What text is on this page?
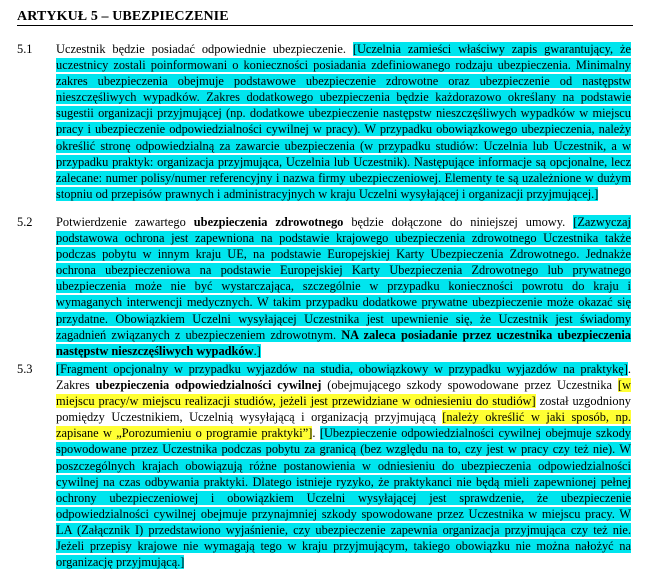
ARTYKUŁ 5 – UBEZPIECZENIE
5.1 Uczestnik będzie posiadać odpowiednie ubezpieczenie. [Uczelnia zamieści właściwy zapis gwarantujący, że uczestnicy zostali poinformowani o konieczności posiadania zdefiniowanego rodzaju ubezpieczenia. Minimalny zakres ubezpieczenia obejmuje podstawowe ubezpieczenie zdrowotne oraz ubezpieczenie od następstw nieszczęśliwych wypadków. Zakres dodatkowego ubezpieczenia będzie każdorazowo określany na podstawie sugestii organizacji przyjmującej (np. dodatkowe ubezpieczenie następstw nieszczęśliwych wypadków w miejscu pracy i ubezpieczenie odpowiedzialności cywilnej w pracy). W przypadku obowiązkowego ubezpieczenia, należy określić stronę odpowiedzialną za zawarcie ubezpieczenia (w przypadku studiów: Uczelnia lub Uczestnik, a w przypadku praktyk: organizacja przyjmująca, Uczelnia lub Uczestnik). Następujące informacje są opcjonalne, lecz zalecane: numer polisy/numer referencyjny i nazwa firmy ubezpieczeniowej. Elementy te są uzależnione w dużym stopniu od przepisów prawnych i administracyjnych w kraju Uczelni wysyłającej i organizacji przyjmującej.]
5.2 Potwierdzenie zawartego ubezpieczenia zdrowotnego będzie dołączone do niniejszej umowy. [Zazwyczaj podstawowa ochrona jest zapewniona na podstawie krajowego ubezpieczenia zdrowotnego Uczestnika także podczas pobytu w innym kraju UE, na podstawie Europejskiej Karty Ubezpieczenia Zdrowotnego. Jednakże ochrona ubezpieczeniowa na podstawie Europejskiej Karty Ubezpieczenia Zdrowotnego lub prywatnego ubezpieczenia może nie być wystarczająca, szczególnie w przypadku konieczności powrotu do kraju i wymaganych interwencji medycznych. W takim przypadku dodatkowe prywatne ubezpieczenie może okazać się przydatne. Obowiązkiem Uczelni wysyłającej Uczestnika jest upewnienie się, że Uczestnik jest świadomy zagadnień związanych z ubezpieczeniem zdrowotnym. NA zaleca posiadanie przez uczestnika ubezpieczenia następstw nieszczęśliwych wypadków.]
5.3 [Fragment opcjonalny w przypadku wyjazdów na studia, obowiązkowy w przypadku wyjazdów na praktykę]. Zakres ubezpieczenia odpowiedzialności cywilnej (obejmującego szkody spowodowane przez Uczestnika [w miejscu pracy/w miejscu realizacji studiów, jeżeli jest przewidziane w odniesieniu do studiów] został uzgodniony pomiędzy Uczestnikiem, Uczelnią wysyłającą i organizacją przyjmującą [należy określić w jaki sposób, np. zapisane w „Porozumieniu o programie praktyki”]. [Ubezpieczenie odpowiedzialności cywilnej obejmuje szkody spowodowane przez Uczestnika podczas pobytu za granicą (bez względu na to, czy jest w pracy czy też nie). W poszczególnych krajach obowiązują różne postanowienia w odniesieniu do ubezpieczenia odpowiedzialności cywilnej na czas odbywania praktyki. Dlatego istnieje ryzyko, że praktykanci nie będą mieli zapewnionej pełnej ochrony ubezpieczeniowej i obowiązkiem Uczelni wysyłającej jest sprawdzenie, że ubezpieczenie odpowiedzialności cywilnej obejmuje przynajmniej szkody spowodowane przez Uczestnika w miejscu pracy. W LA (Załącznik I) przedstawiono wyjaśnienie, czy ubezpieczenie zapewnia organizacja przyjmująca czy też nie. Jeżeli przepisy krajowe nie wymagają tego w kraju przyjmującym, takiego obowiązku nie można nałożyć na organizację przyjmującą.]
